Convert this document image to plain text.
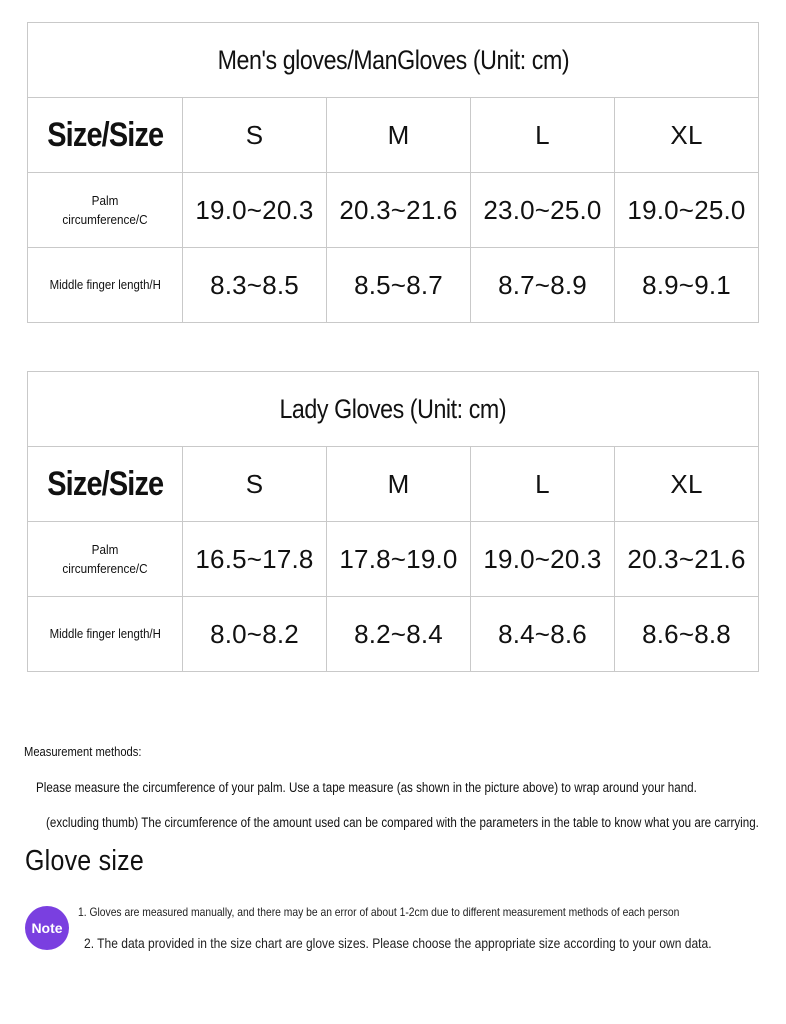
Men's gloves/ManGloves (Unit: cm)				
Size/Size	S	M	L	XL
Palm circumference/C	19.0~20.3	20.3~21.6	23.0~25.0	19.0~25.0
Middle finger length/H	8.3~8.5	8.5~8.7	8.7~8.9	8.9~9.1
Lady Gloves (Unit: cm)				
Size/Size	S	M	L	XL
Palm circumference/C	16.5~17.8	17.8~19.0	19.0~20.3	20.3~21.6
Middle finger length/H	8.0~8.2	8.2~8.4	8.4~8.6	8.6~8.8
Measurement methods:
Please measure the circumference of your palm. Use a tape measure (as shown in the picture above) to wrap around your hand.
(excluding thumb) The circumference of the amount used can be compared with the parameters in the table to know what you are carrying.
Glove size
Note
1. Gloves are measured manually, and there may be an error of about 1-2cm due to different measurement methods of each person
2. The data provided in the size chart are glove sizes. Please choose the appropriate size according to your own data.
